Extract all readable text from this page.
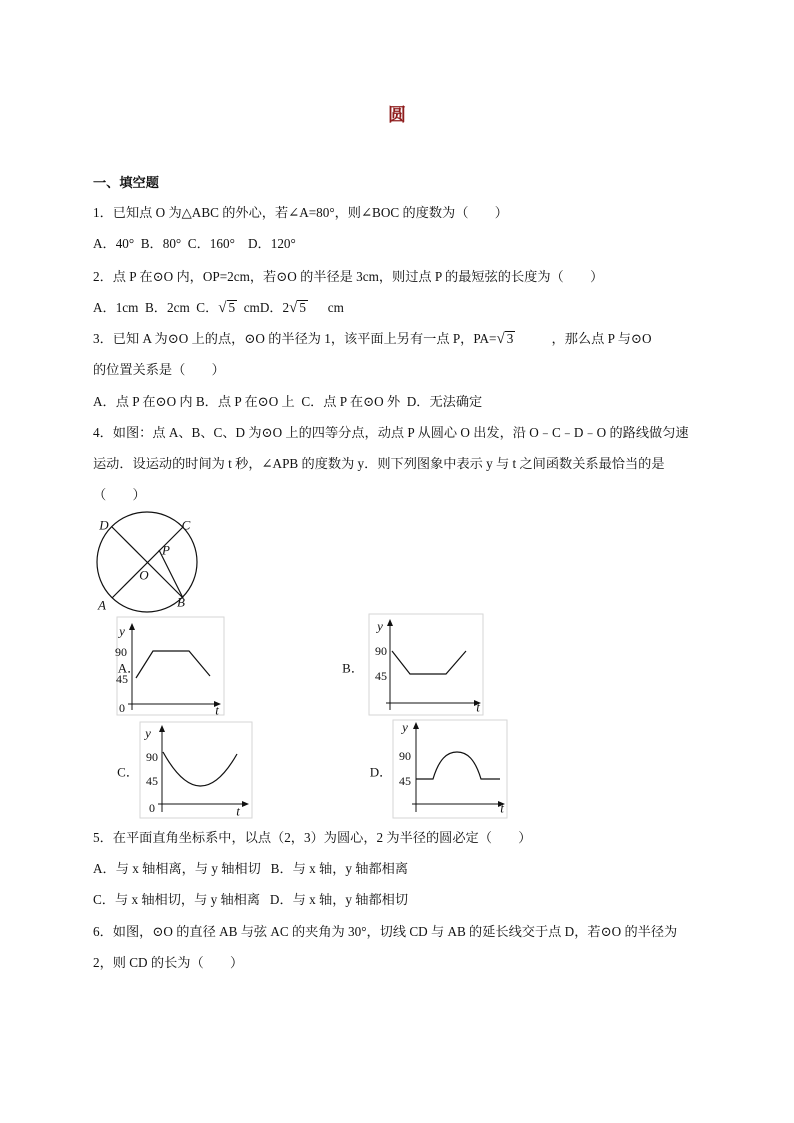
圆
一、填空题
1．已知点 O 为△ABC 的外心，若∠A=80°，则∠BOC 的度数为（　　）
A．40°  B．80°  C．160°    D．120°
2．点 P 在⊙O 内，OP=2cm，若⊙O 的半径是 3cm，则过点 P 的最短弦的长度为（　　）
A．1cm  B．2cm  C．√ 5  cmD．2√ 5      cm
3．已知 A 为⊙O 上的点，⊙O 的半径为 1，该平面上另有一点 P，PA=√ 3           ，那么点 P 与⊙O
的位置关系是（　　）
A．点 P 在⊙O 内 B．点 P 在⊙O 上  C．点 P 在⊙O 外  D．无法确定
4．如图：点 A、B、C、D 为⊙O 上的四等分点，动点 P 从圆心 O 出发，沿 O﹣C﹣D﹣O 的路线做匀速
运动．设运动的时间为 t 秒，∠APB 的度数为 y．则下列图象中表示 y 与 t 之间函数关系最恰当的是
（　　）
5．在平面直角坐标系中，以点（2，3）为圆心，2 为半径的圆必定（　　）
A．与 x 轴相离，与 y 轴相切   B．与 x 轴，y 轴都相离
C．与 x 轴相切，与 y 轴相离   D．与 x 轴，y 轴都相切
6．如图，⊙O 的直径 AB 与弦 AC 的夹角为 30°，切线 CD 与 AB 的延长线交于点 D，若⊙O 的半径为
2，则 CD 的长为（　　）
D	C
P
O
A	B
A．
y
90
45
0	t
B．
y
90
45
t
C．
y
90
45
0	t
D．
y
90
45
t
